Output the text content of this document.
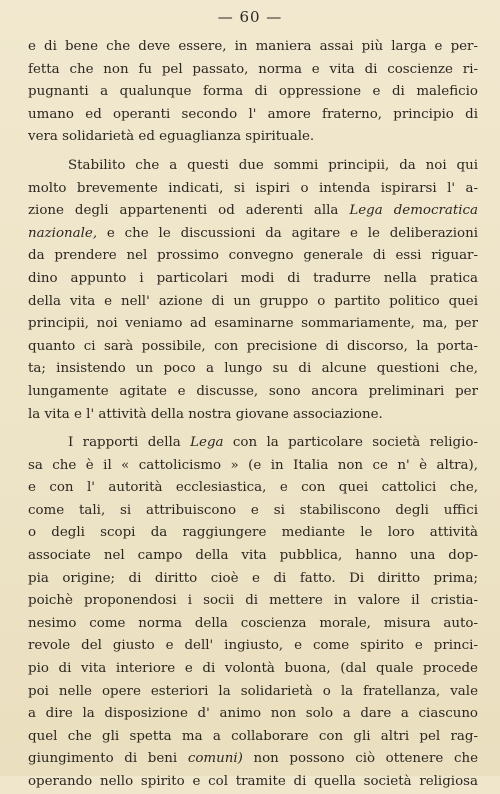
— 60 —
e di bene che deve essere, in maniera assai più larga e per-
fetta che non fu pel passato, norma e vita di coscienze ri-
pugnanti a qualunque forma di oppressione e di maleficio
umano ed operanti secondo l' amore fraterno, principio di
vera solidarietà ed eguaglianza spirituale.
Stabilito che a questi due sommi principii, da noi qui
molto brevemente indicati, si ispiri o intenda ispirarsi l' a-
zione degli appartenenti od aderenti alla Lega democratica
nazionale, e che le discussioni da agitare e le deliberazioni
da prendere nel prossimo convegno generale di essi riguar-
dino appunto i particolari modi di tradurre nella pratica
della vita e nell' azione di un gruppo o partito politico quei
principii, noi veniamo ad esaminarne sommariamente, ma, per
quanto ci sarà possibile, con precisione di discorso, la porta-
ta; insistendo un poco a lungo su di alcune questioni che,
lungamente agitate e discusse, sono ancora preliminari per
la vita e l' attività della nostra giovane associazione.
I rapporti della Lega con la particolare società religio-
sa che è il « cattolicismo » (e in Italia non ce n' è altra),
e con l' autorità ecclesiastica, e con quei cattolici che,
come tali, si attribuiscono e si stabiliscono degli uffici
o degli scopi da raggiungere mediante le loro attività
associate nel campo della vita pubblica, hanno una dop-
pia origine; di diritto cioè e di fatto. Di diritto prima;
poichè proponendosi i socii di mettere in valore il cristia-
nesimo come norma della coscienza morale, misura auto-
revole del giusto e dell' ingiusto, e come spirito e princi-
pio di vita interiore e di volontà buona, (dal quale procede
poi nelle opere esteriori la solidarietà o la fratellanza, vale
a dire la disposizione d' animo non solo a dare a ciascuno
quel che gli spetta ma a collaborare con gli altri pel rag-
giungimento di beni comuni) non possono ciò ottenere che
operando nello spirito e col tramite di quella società religiosa
